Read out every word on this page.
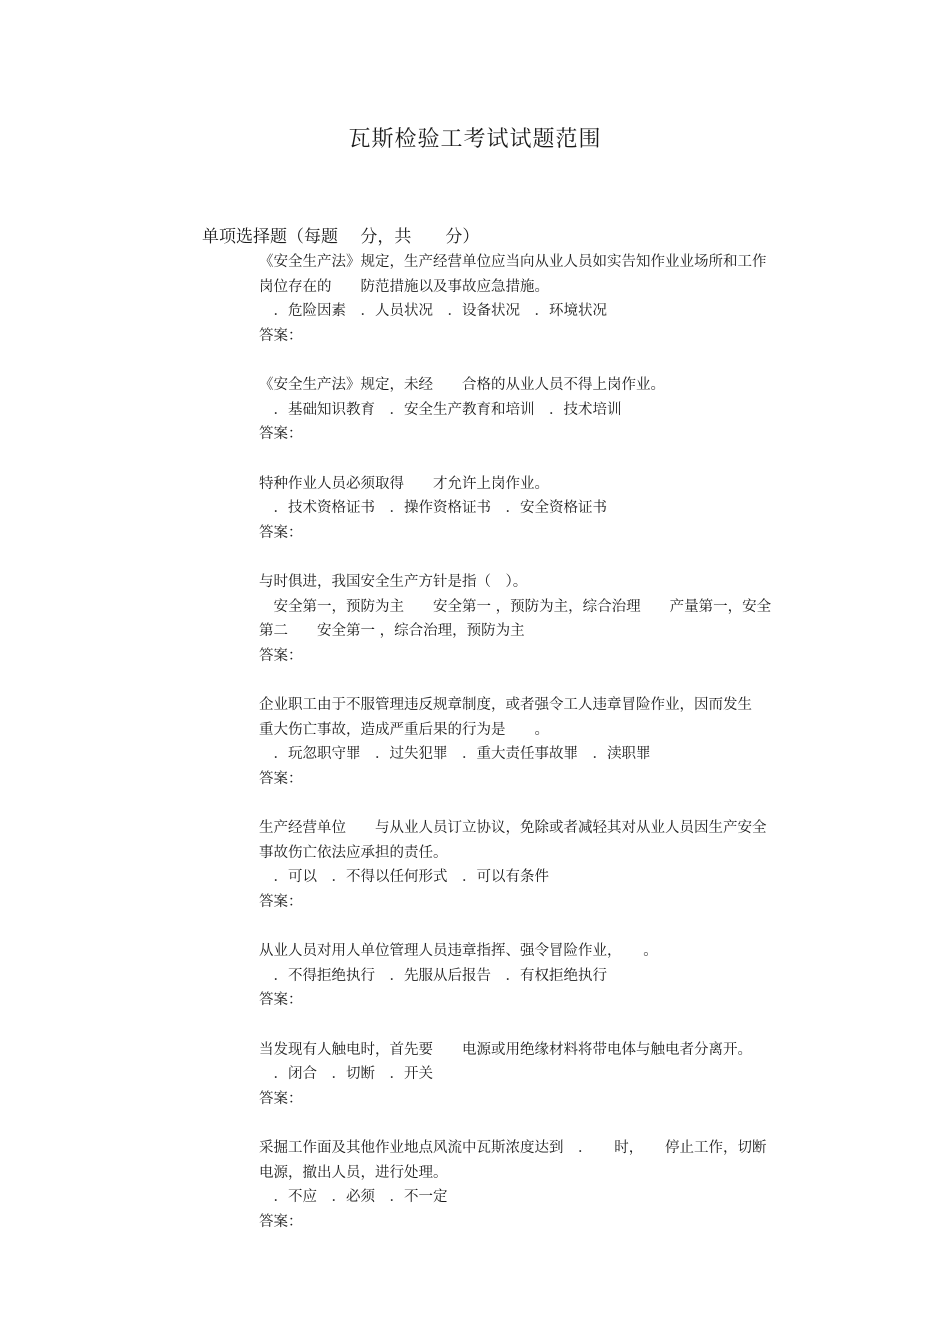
瓦斯检验工考试试题范围
单项选择题（每题　 分，共　　分）
《安全生产法》规定，生产经营单位应当向从业人员如实告知作业业场所和工作
岗位存在的　　防范措施以及事故应急措施。
　．危险因素　．人员状况　．设备状况　．环境状况
答案：
《安全生产法》规定，未经　　合格的从业人员不得上岗作业。
　．基础知识教育　．安全生产教育和培训　．技术培训
答案：
特种作业人员必须取得　　才允许上岗作业。
　．技术资格证书　．操作资格证书　．安全资格证书
答案：
与时俱进，我国安全生产方针是指（　）。
　安全第一，预防为主　　安全第一 ，预防为主，综合治理　　产量第一，安全
第二　　安全第一 ，综合治理，预防为主
答案：
企业职工由于不服管理违反规章制度，或者强令工人违章冒险作业，因而发生
重大伤亡事故，造成严重后果的行为是　　。
　．玩忽职守罪　．过失犯罪　．重大责任事故罪　．渎职罪
答案：
生产经营单位　　与从业人员订立协议，免除或者减轻其对从业人员因生产安全
事故伤亡依法应承担的责任。
　．可以　．不得以任何形式　．可以有条件
答案：
从业人员对用人单位管理人员违章指挥、强令冒险作业，　　。
　．不得拒绝执行　．先服从后报告　．有权拒绝执行
答案：
当发现有人触电时，首先要　　电源或用绝缘材料将带电体与触电者分离开。
　．闭合　．切断　．开关
答案：
采掘工作面及其他作业地点风流中瓦斯浓度达到　．　　时，　　停止工作，切断
电源，撤出人员，进行处理。
　．不应　．必须　．不一定
答案：
